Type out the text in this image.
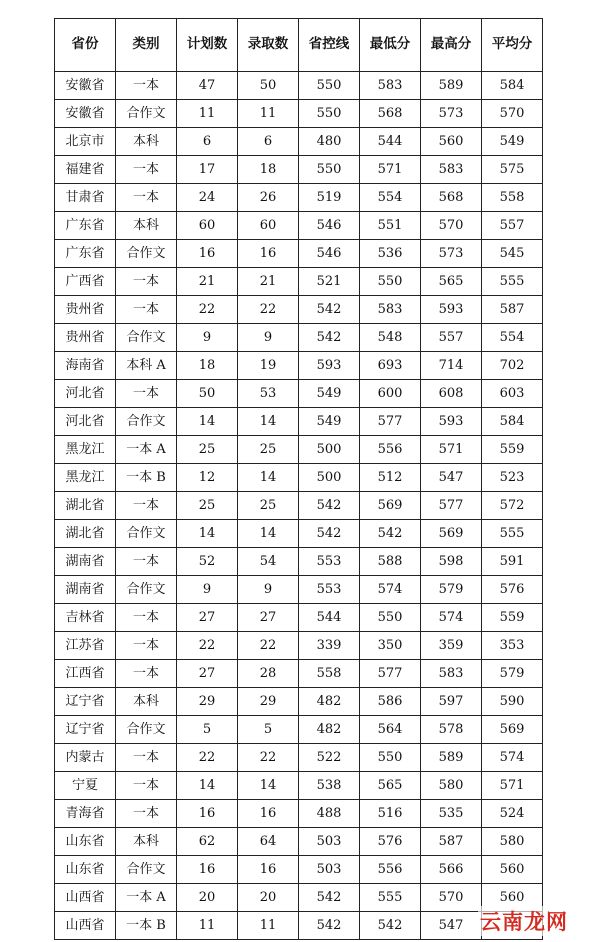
省份	类别	计划数	录取数	省控线	最低分	最高分	平均分
安徽省	一本	47	50	550	583	589	584
安徽省	合作文	11	11	550	568	573	570
北京市	本科	6	6	480	544	560	549
福建省	一本	17	18	550	571	583	575
甘肃省	一本	24	26	519	554	568	558
广东省	本科	60	60	546	551	570	557
广东省	合作文	16	16	546	536	573	545
广西省	一本	21	21	521	550	565	555
贵州省	一本	22	22	542	583	593	587
贵州省	合作文	9	9	542	548	557	554
海南省	本科 A	18	19	593	693	714	702
河北省	一本	50	53	549	600	608	603
河北省	合作文	14	14	549	577	593	584
黑龙江	一本 A	25	25	500	556	571	559
黑龙江	一本 B	12	14	500	512	547	523
湖北省	一本	25	25	542	569	577	572
湖北省	合作文	14	14	542	542	569	555
湖南省	一本	52	54	553	588	598	591
湖南省	合作文	9	9	553	574	579	576
吉林省	一本	27	27	544	550	574	559
江苏省	一本	22	22	339	350	359	353
江西省	一本	27	28	558	577	583	579
辽宁省	本科	29	29	482	586	597	590
辽宁省	合作文	5	5	482	564	578	569
内蒙古	一本	22	22	522	550	589	574
宁夏	一本	14	14	538	565	580	571
青海省	一本	16	16	488	516	535	524
山东省	本科	62	64	503	576	587	580
山东省	合作文	16	16	503	556	566	560
山西省	一本 A	20	20	542	555	570	560
山西省	一本 B	11	11	542	542	547	云南龙网
